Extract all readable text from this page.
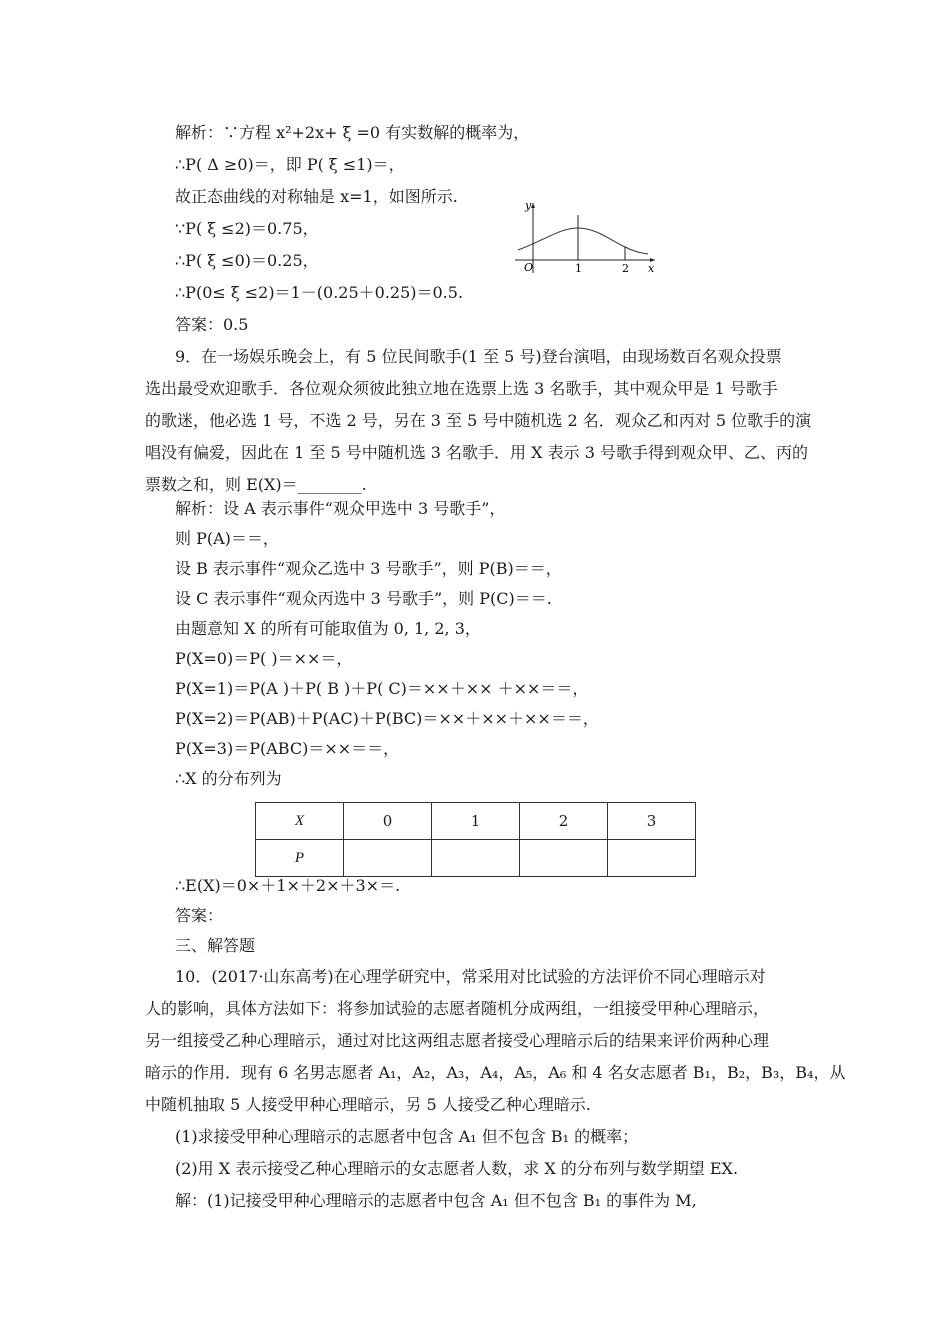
解析：∵方程 x²+2x+ ξ =0 有实数解的概率为，
∴P( Δ ≥0)＝，即 P( ξ ≤1)＝，
故正态曲线的对称轴是 x=1，如图所示.
∵P( ξ ≤2)＝0.75，
∴P( ξ ≤0)＝0.25，
∴P(0≤ ξ ≤2)＝1－(0.25＋0.25)＝0.5.
答案：0.5
y
O	1	2 x
9．在一场娱乐晚会上，有 5 位民间歌手(1 至 5 号)登台演唱，由现场数百名观众投票
选出最受欢迎歌手．各位观众须彼此独立地在选票上选 3 名歌手，其中观众甲是 1 号歌手
的歌迷，他必选 1 号，不选 2 号，另在 3 至 5 号中随机选 2 名．观众乙和丙对 5 位歌手的演
唱没有偏爱，因此在 1 至 5 号中随机选 3 名歌手．用 X 表示 3 号歌手得到观众甲、乙、丙的
票数之和，则 E(X)＝________.
解析：设 A 表示事件“观众甲选中 3 号歌手”，
则 P(A)＝＝，
设 B 表示事件“观众乙选中 3 号歌手”，则 P(B)＝＝，
设 C 表示事件“观众丙选中 3 号歌手”，则 P(C)＝＝.
由题意知 X 的所有可能取值为 0, 1, 2, 3，
P(X=0)＝P( )＝××＝，
P(X=1)＝P(A )＋P( B )＋P( C)＝××＋×× ＋××＝＝，
P(X=2)＝P(AB)＋P(AC)＋P(BC)＝××＋××＋××＝＝，
P(X=3)＝P(ABC)＝××＝＝，
∴X 的分布列为
X	0	1	2	3
P				
∴E(X)＝0×＋1×＋2×＋3×＝.
答案：
三、解答题
10．(2017·山东高考)在心理学研究中，常采用对比试验的方法评价不同心理暗示对
人的影响，具体方法如下：将参加试验的志愿者随机分成两组，一组接受甲种心理暗示，
另一组接受乙种心理暗示，通过对比这两组志愿者接受心理暗示后的结果来评价两种心理
暗示的作用．现有 6 名男志愿者 A₁，A₂，A₃，A₄，A₅，A₆ 和 4 名女志愿者 B₁，B₂，B₃，B₄，从
中随机抽取 5 人接受甲种心理暗示，另 5 人接受乙种心理暗示.
(1)求接受甲种心理暗示的志愿者中包含 A₁ 但不包含 B₁ 的概率；
(2)用 X 表示接受乙种心理暗示的女志愿者人数，求 X 的分布列与数学期望 EX.
解：(1)记接受甲种心理暗示的志愿者中包含 A₁ 但不包含 B₁ 的事件为 M,
